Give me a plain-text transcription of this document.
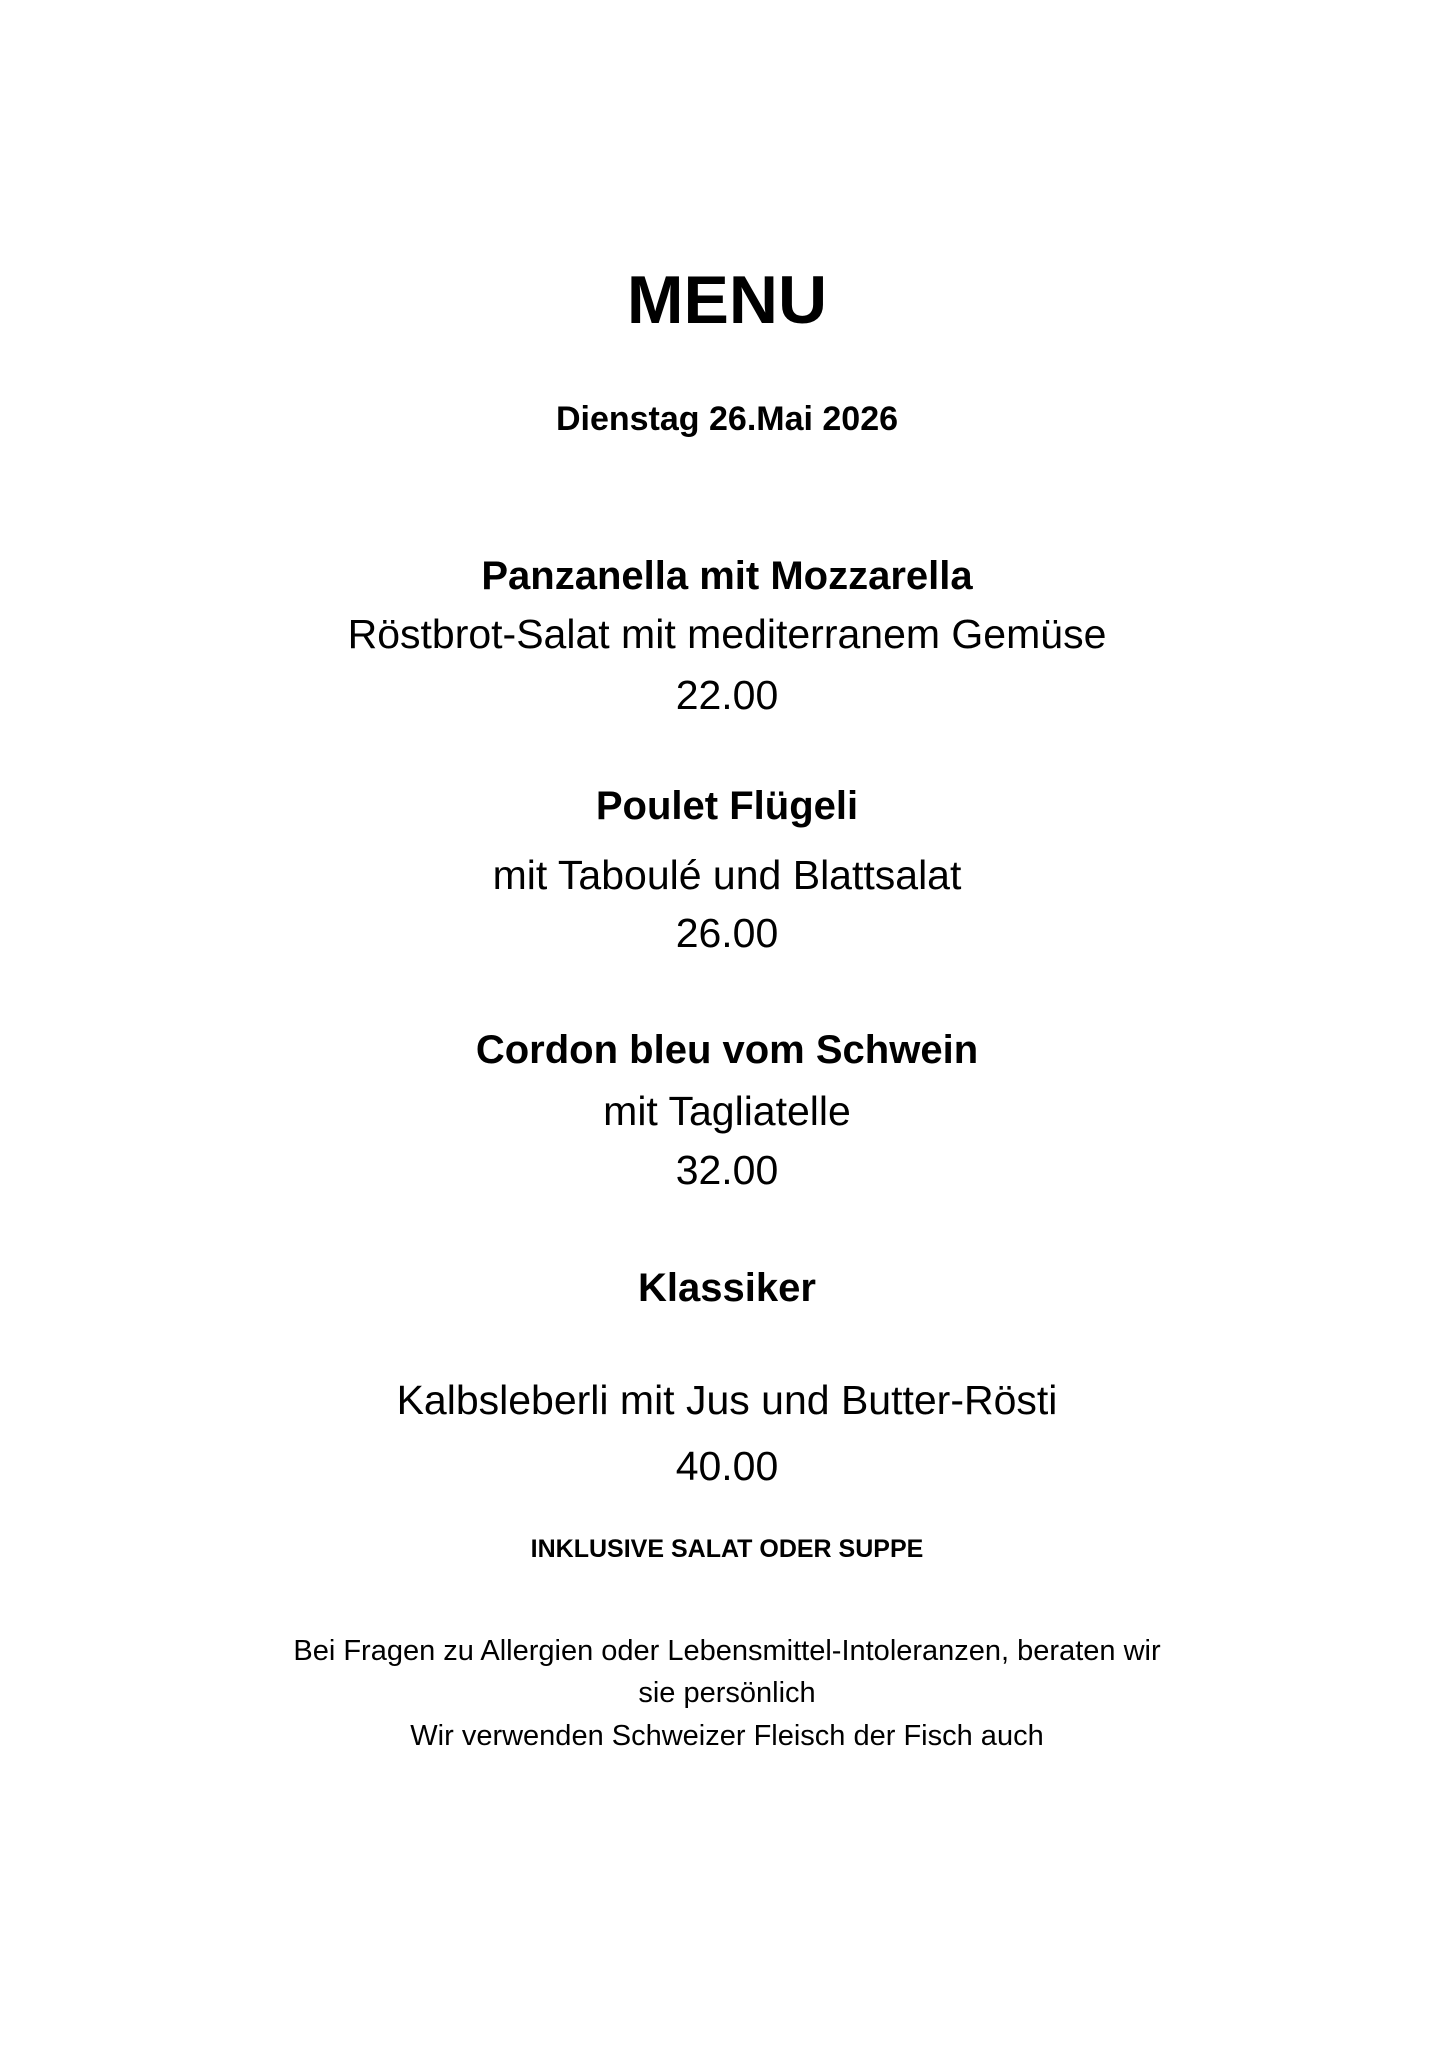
MENU
Dienstag 26.Mai 2026
Panzanella mit Mozzarella
Röstbrot-Salat mit mediterranem Gemüse
22.00
Poulet Flügeli
mit Taboulé und Blattsalat
26.00
Cordon bleu vom Schwein
mit Tagliatelle
32.00
Klassiker
Kalbsleberli mit Jus und Butter-Rösti
40.00
INKLUSIVE SALAT ODER SUPPE
Bei Fragen zu Allergien oder Lebensmittel-Intoleranzen, beraten wir
sie persönlich
Wir verwenden Schweizer Fleisch der Fisch auch
